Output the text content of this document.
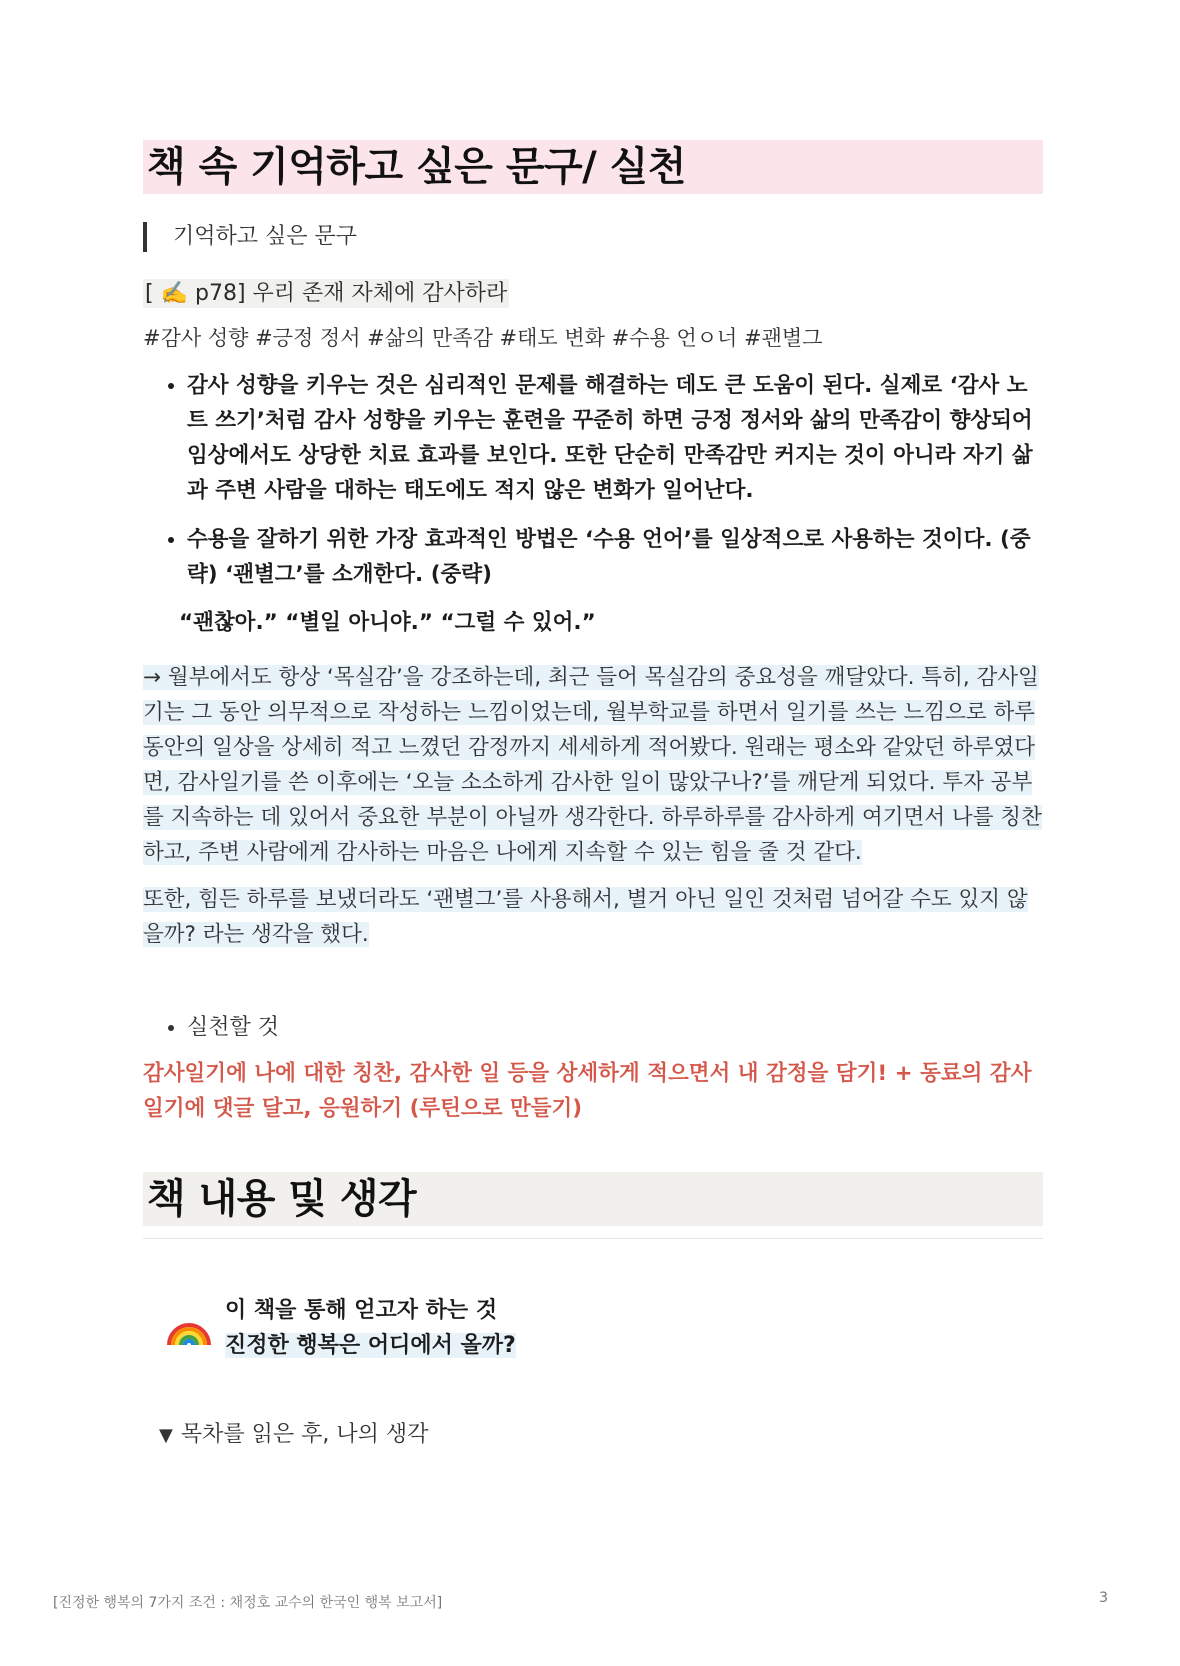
책 속 기억하고 싶은 문구/ 실천
기억하고 싶은 문구
[ ✍️ p78] 우리 존재 자체에 감사하라
#감사 성향 #긍정 정서 #삶의 만족감 #태도 변화 #수용 언ㅇ너 #괜별그
• 감사 성향을 키우는 것은 심리적인 문제를 해결하는 데도 큰 도움이 된다. 실제로 ‘감사 노트 쓰기’처럼 감사 성향을 키우는 훈련을 꾸준히 하면 긍정 정서와 삶의 만족감이 향상되어 임상에서도 상당한 치료 효과를 보인다. 또한 단순히 만족감만 커지는 것이 아니라 자기 삶과 주변 사람을 대하는 태도에도 적지 않은 변화가 일어난다.
• 수용을 잘하기 위한 가장 효과적인 방법은 ‘수용 언어’를 일상적으로 사용하는 것이다. (중략) ‘괜별그’를 소개한다. (중략)
“괜찮아.” “별일 아니야.” “그럴 수 있어.”
→ 월부에서도 항상 ‘목실감’을 강조하는데, 최근 들어 목실감의 중요성을 깨달았다. 특히, 감사일기는 그 동안 의무적으로 작성하는 느낌이었는데, 월부학교를 하면서 일기를 쓰는 느낌으로 하루 동안의 일상을 상세히 적고 느꼈던 감정까지 세세하게 적어봤다. 원래는 평소와 같았던 하루였다면, 감사일기를 쓴 이후에는 ‘오늘 소소하게 감사한 일이 많았구나?’를 깨닫게 되었다. 투자 공부를 지속하는 데 있어서 중요한 부분이 아닐까 생각한다. 하루하루를 감사하게 여기면서 나를 칭찬하고, 주변 사람에게 감사하는 마음은 나에게 지속할 수 있는 힘을 줄 것 같다.
또한, 힘든 하루를 보냈더라도 ‘괜별그’를 사용해서, 별거 아닌 일인 것처럼 넘어갈 수도 있지 않을까? 라는 생각을 했다.
• 실천할 것
감사일기에 나에 대한 칭찬, 감사한 일 등을 상세하게 적으면서 내 감정을 담기! + 동료의 감사일기에 댓글 달고, 응원하기 (루틴으로 만들기)
책 내용 및 생각
이 책을 통해 얻고자 하는 것
진정한 행복은 어디에서 올까?
▼ 목차를 읽은 후, 나의 생각
[진정한 행복의 7가지 조건 : 채정호 교수의 한국인 행복 보고서]	3
